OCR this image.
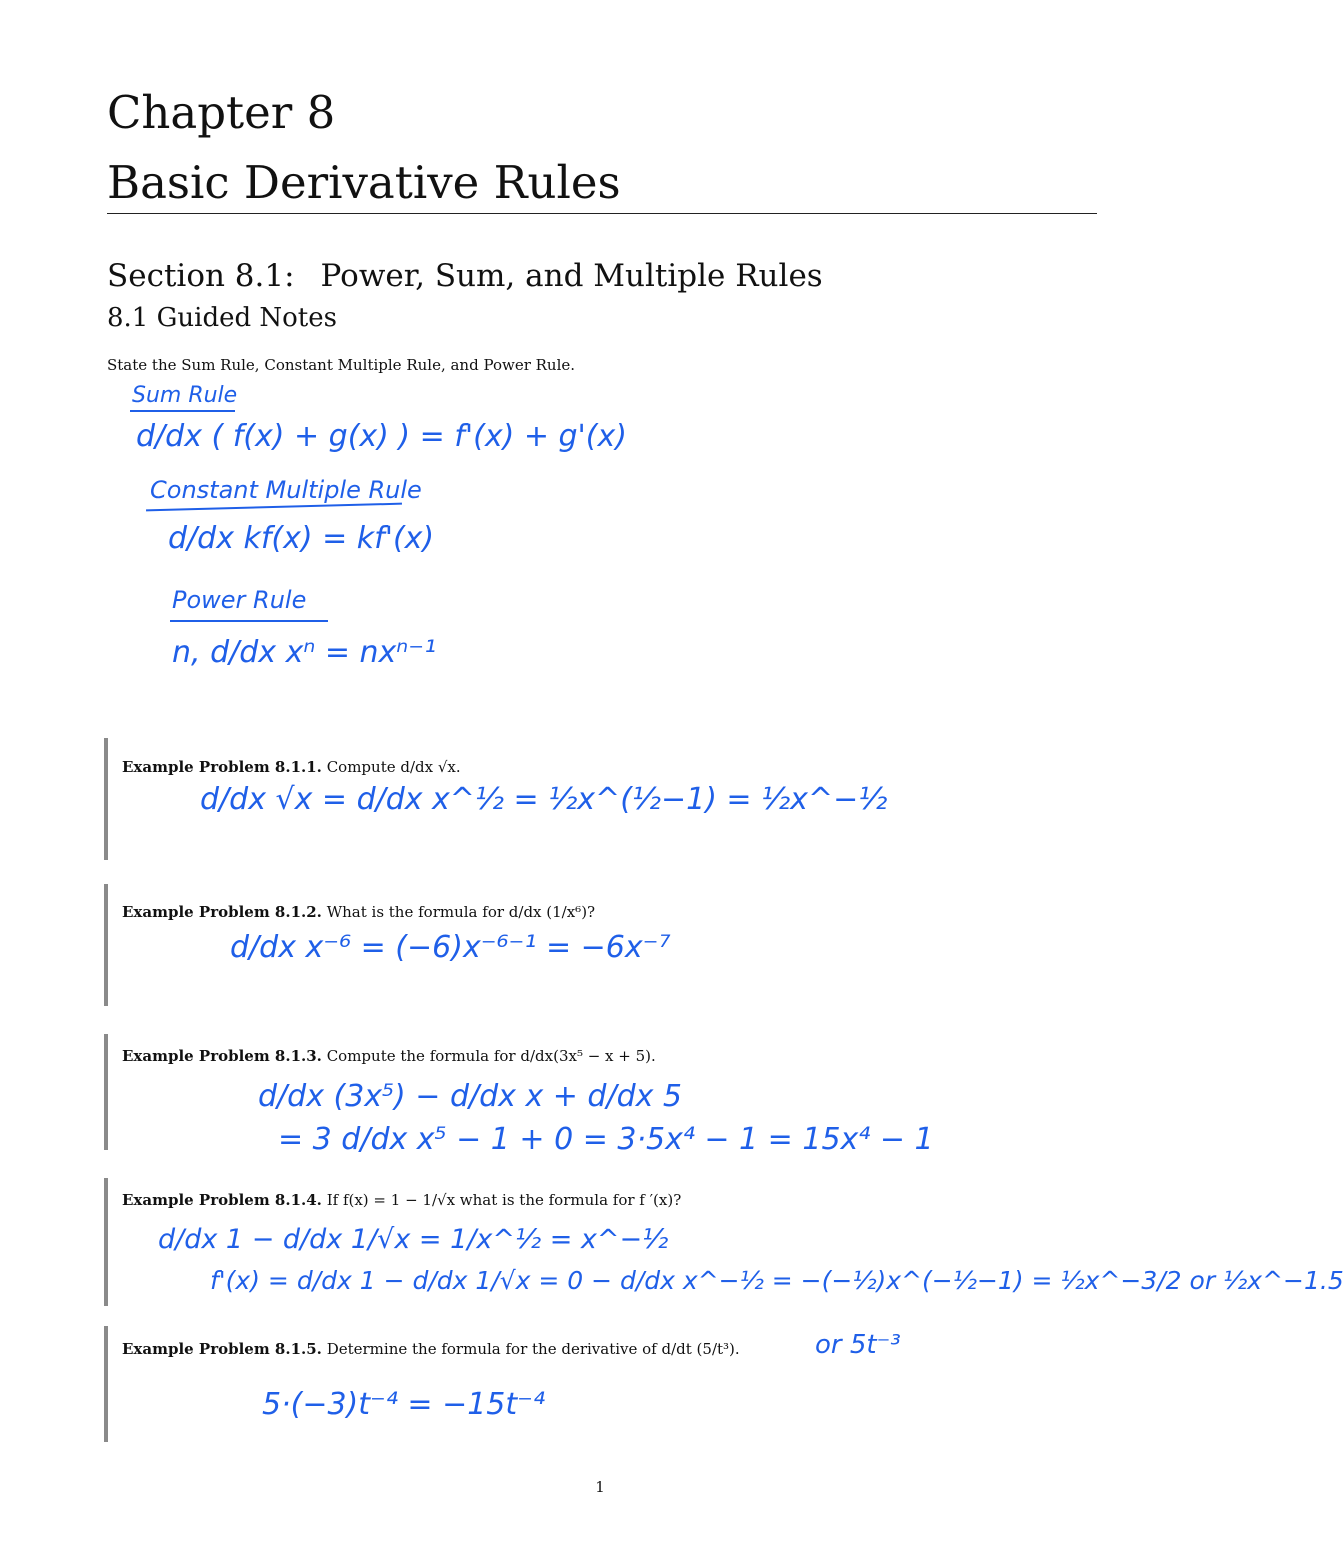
Chapter 8
Basic Derivative Rules
Section 8.1: Power, Sum, and Multiple Rules
8.1 Guided Notes
State the Sum Rule, Constant Multiple Rule, and Power Rule.
Sum Rule
d/dx ( f(x) + g(x) ) = f'(x) + g'(x)
Constant Multiple Rule
d/dx kf(x) = kf'(x)
Power Rule
n, d/dx xⁿ = nxⁿ⁻¹
Example Problem 8.1.1. Compute d/dx √x.
d/dx √x = d/dx x^½ = ½x^(½−1) = ½x^−½
Example Problem 8.1.2. What is the formula for d/dx (1/x⁶)?
d/dx x⁻⁶ = (−6)x⁻⁶⁻¹ = −6x⁻⁷
Example Problem 8.1.3. Compute the formula for d/dx(3x⁵ − x + 5).
d/dx (3x⁵) − d/dx x + d/dx 5
= 3 d/dx x⁵ − 1 + 0 = 3·5x⁴ − 1 = 15x⁴ − 1
Example Problem 8.1.4. If f(x) = 1 − 1/√x what is the formula for f ′(x)?
d/dx 1 − d/dx 1/√x = 1/x^½ = x^−½
f'(x) = d/dx 1 − d/dx 1/√x = 0 − d/dx x^−½ = −(−½)x^(−½−1) = ½x^−3/2 or ½x^−1.5
Example Problem 8.1.5. Determine the formula for the derivative of d/dt (5/t³).	or 5t⁻³
5·(−3)t⁻⁴ = −15t⁻⁴
1
